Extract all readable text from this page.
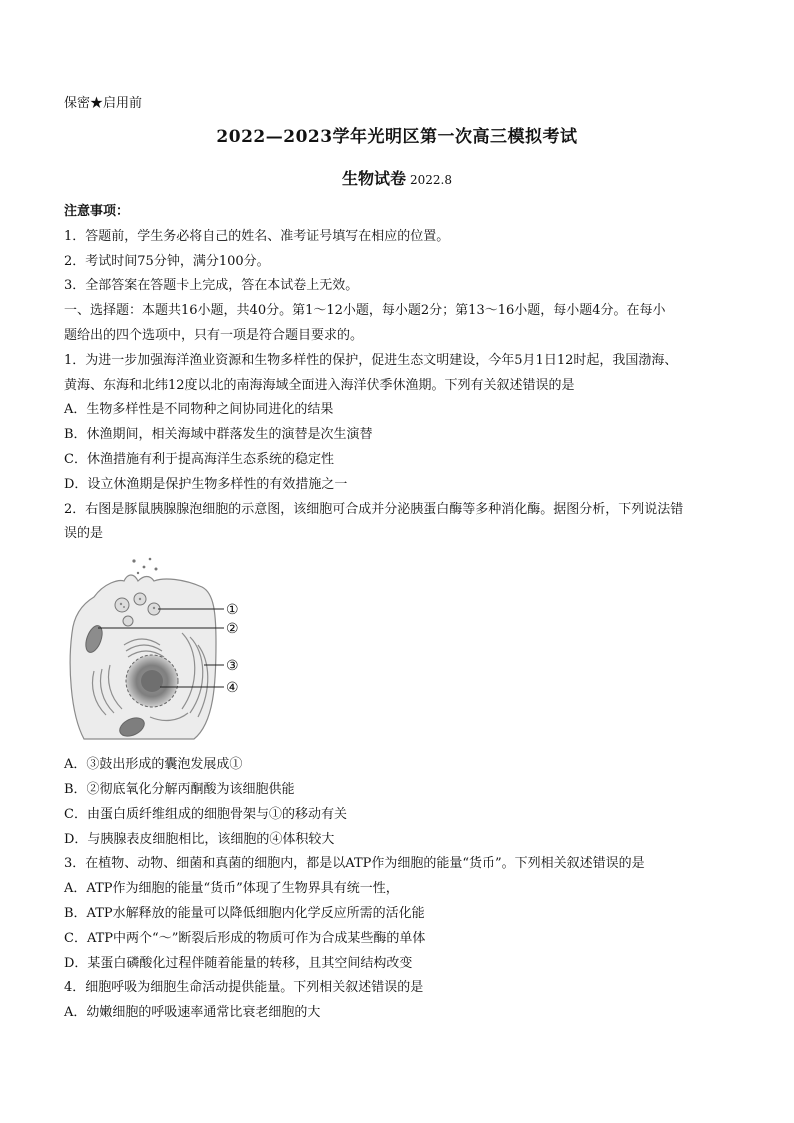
保密★启用前
2022—2023学年光明区第一次高三模拟考试
生物试卷 2022.8

注意事项：

1．答题前，学生务必将自己的姓名、准考证号填写在相应的位置。

2．考试时间75分钟，满分100分。

3．全部答案在答题卡上完成，答在本试卷上无效。

一、选择题：本题共16小题，共40分。第1～12小题，每小题2分；第13～16小题，每小题4分。在每小

题给出的四个选项中，只有一项是符合题目要求的。

1．为进一步加强海洋渔业资源和生物多样性的保护，促进生态文明建设，今年5月1日12时起，我国渤海、

黄海、东海和北纬12度以北的南海海域全面进入海洋伏季休渔期。下列有关叙述错误的是

A．生物多样性是不同物种之间协同进化的结果

B．休渔期间，相关海域中群落发生的演替是次生演替

C．休渔措施有利于提高海洋生态系统的稳定性

D．设立休渔期是保护生物多样性的有效措施之一

2．右图是豚鼠胰腺腺泡细胞的示意图，该细胞可合成并分泌胰蛋白酶等多种消化酶。据图分析，下列说法错

误的是

①
②
③
④

A．③鼓出形成的囊泡发展成①

B．②彻底氧化分解丙酮酸为该细胞供能

C．由蛋白质纤维组成的细胞骨架与①的移动有关

D．与胰腺表皮细胞相比，该细胞的④体积较大

3．在植物、动物、细菌和真菌的细胞内，都是以ATP作为细胞的能量“货币”。下列相关叙述错误的是

A．ATP作为细胞的能量“货币”体现了生物界具有统一性，

B．ATP水解释放的能量可以降低细胞内化学反应所需的活化能

C．ATP中两个“～”断裂后形成的物质可作为合成某些酶的单体

D．某蛋白磷酸化过程伴随着能量的转移，且其空间结构改变

4．细胞呼吸为细胞生命活动提供能量。下列相关叙述错误的是

A．幼嫩细胞的呼吸速率通常比衰老细胞的大
